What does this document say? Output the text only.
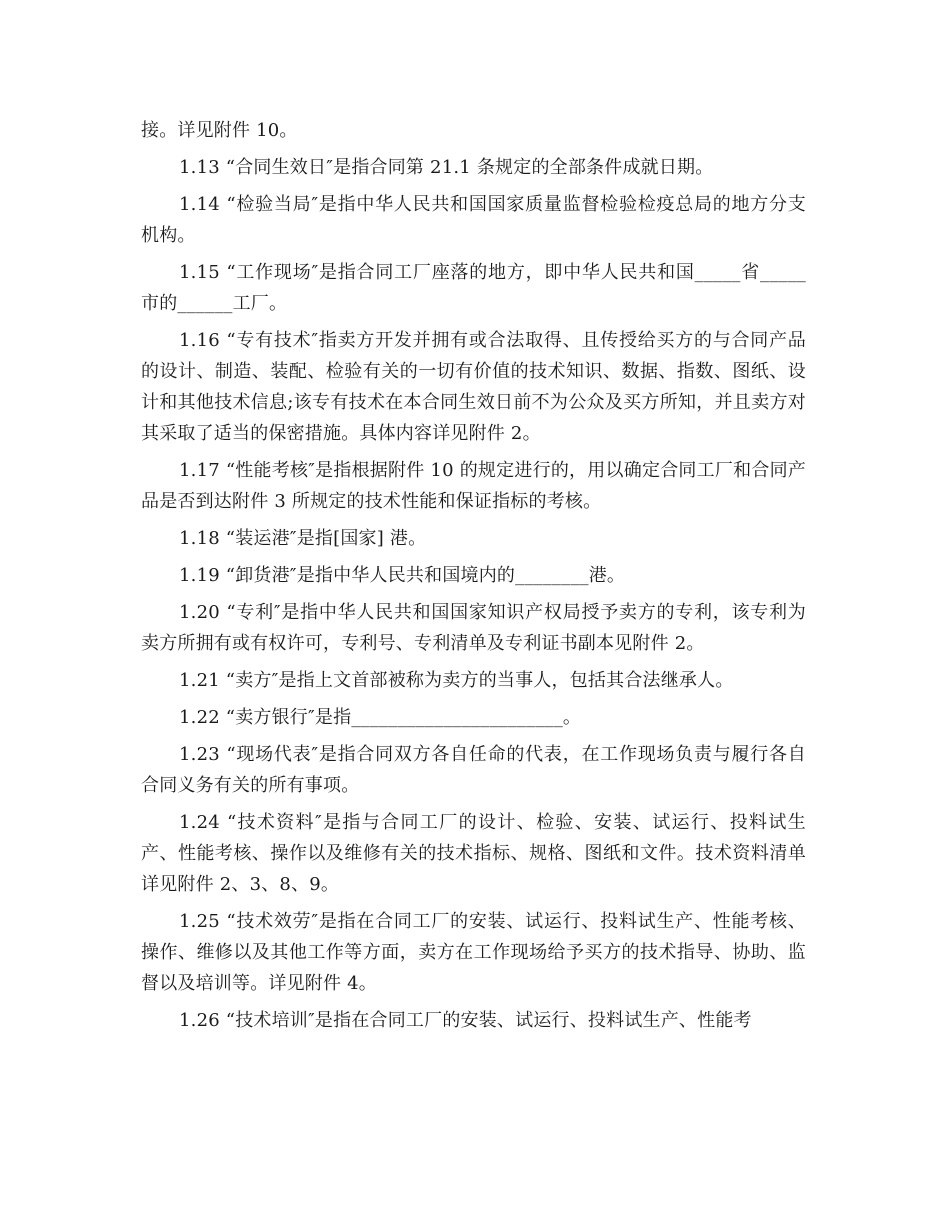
接。详见附件 10。

1.13 “合同生效日″是指合同第 21.1 条规定的全部条件成就日期。

1.14 “检验当局″是指中华人民共和国国家质量监督检验检疫总局的地方分支机构。

1.15 “工作现场″是指合同工厂座落的地方，即中华人民共和国_____省_____市的______工厂。

1.16 “专有技术″指卖方开发并拥有或合法取得、且传授给买方的与合同产品的设计、制造、装配、检验有关的一切有价值的技术知识、数据、指数、图纸、设计和其他技术信息;该专有技术在本合同生效日前不为公众及买方所知，并且卖方对其采取了适当的保密措施。具体内容详见附件 2。

1.17 “性能考核″是指根据附件 10 的规定进行的，用以确定合同工厂和合同产品是否到达附件 3 所规定的技术性能和保证指标的考核。

1.18 “装运港″是指[国家] 港。

1.19 “卸货港″是指中华人民共和国境内的________港。

1.20 “专利″是指中华人民共和国国家知识产权局授予卖方的专利，该专利为卖方所拥有或有权许可，专利号、专利清单及专利证书副本见附件 2。

1.21 “卖方″是指上文首部被称为卖方的当事人，包括其合法继承人。

1.22 “卖方银行″是指_______________________。

1.23 “现场代表″是指合同双方各自任命的代表，在工作现场负责与履行各自合同义务有关的所有事项。

1.24 “技术资料″是指与合同工厂的设计、检验、安装、试运行、投料试生产、性能考核、操作以及维修有关的技术指标、规格、图纸和文件。技术资料清单详见附件 2、3、8、9。

1.25 “技术效劳″是指在合同工厂的安装、试运行、投料试生产、性能考核、操作、维修以及其他工作等方面，卖方在工作现场给予买方的技术指导、协助、监督以及培训等。详见附件 4。

1.26 “技术培训″是指在合同工厂的安装、试运行、投料试生产、性能考
